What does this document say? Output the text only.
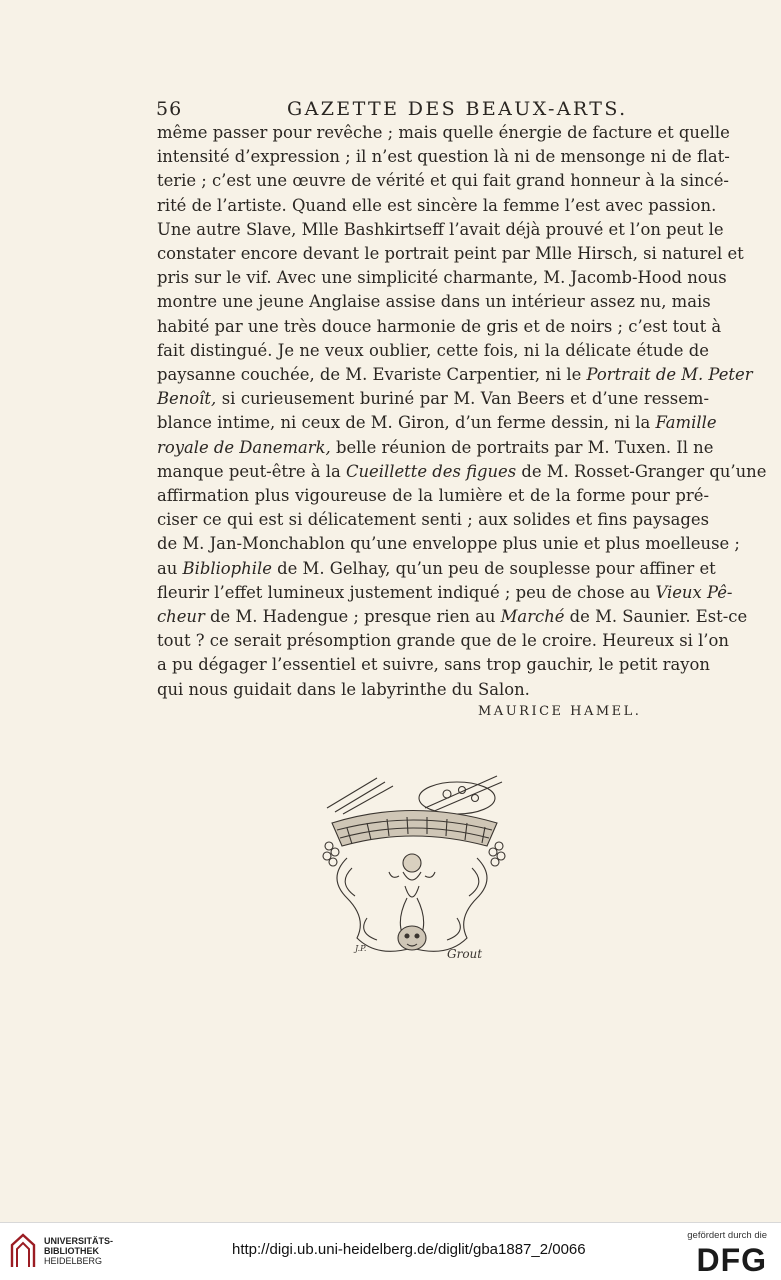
56	GAZETTE DES BEAUX-ARTS.
même passer pour revêche ; mais quelle énergie de facture et quelle
intensité d’expression ; il n’est question là ni de mensonge ni de flat-
terie ; c’est une œuvre de vérité et qui fait grand honneur à la sincé-
rité de l’artiste. Quand elle est sincère la femme l’est avec passion.
Une autre Slave, Mlle Bashkirtseff l’avait déjà prouvé et l’on peut le
constater encore devant le portrait peint par Mlle Hirsch, si naturel et
pris sur le vif. Avec une simplicité charmante, M. Jacomb-Hood nous
montre une jeune Anglaise assise dans un intérieur assez nu, mais
habité par une très douce harmonie de gris et de noirs ; c’est tout à
fait distingué. Je ne veux oublier, cette fois, ni la délicate étude de
paysanne couchée, de M. Evariste Carpentier, ni le Portrait de M. Peter
Benoît, si curieusement buriné par M. Van Beers et d’une ressem-
blance intime, ni ceux de M. Giron, d’un ferme dessin, ni la Famille
royale de Danemark, belle réunion de portraits par M. Tuxen. Il ne
manque peut-être à la Cueillette des figues de M. Rosset-Granger qu’une
affirmation plus vigoureuse de la lumière et de la forme pour pré-
ciser ce qui est si délicatement senti ; aux solides et fins paysages
de M. Jan-Monchablon qu’une enveloppe plus unie et plus moelleuse ;
au Bibliophile de M. Gelhay, qu’un peu de souplesse pour affiner et
fleurir l’effet lumineux justement indiqué ; peu de chose au Vieux Pê-
cheur de M. Hadengue ; presque rien au Marché de M. Saunier. Est-ce
tout ? ce serait présomption grande que de le croire. Heureux si l’on
a pu dégager l’essentiel et suivre, sans trop gauchir, le petit rayon
qui nous guidait dans le labyrinthe du Salon.
MAURICE HAMEL.
J.P.	Grout
UNIVERSITÄTS-
BIBLIOTHEK
HEIDELBERG
http://digi.ub.uni-heidelberg.de/diglit/gba1887_2/0066
gefördert durch die
DFG
